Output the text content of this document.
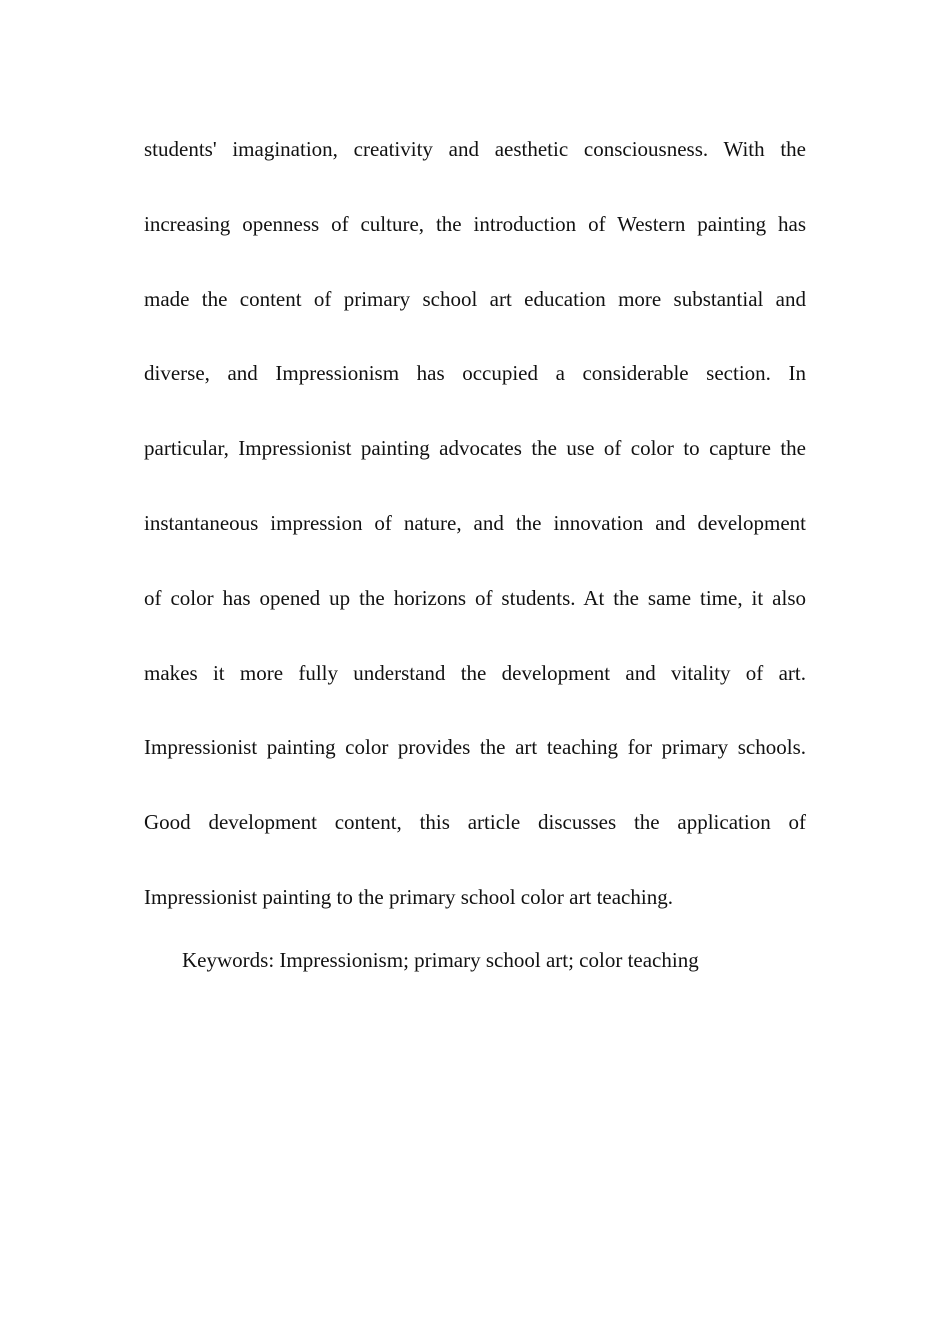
students' imagination, creativity and aesthetic consciousness. With the
increasing openness of culture, the introduction of Western painting has
made the content of primary school art education more substantial and
diverse, and Impressionism has occupied a considerable section. In
particular, Impressionist painting advocates the use of color to capture the
instantaneous impression of nature, and the innovation and development
of color has opened up the horizons of students. At the same time, it also
makes it more fully understand the development and vitality of art.
Impressionist painting color provides the art teaching for primary schools.
Good development content, this article discusses the application of
Impressionist painting to the primary school color art teaching.

Keywords: Impressionism; primary school art; color teaching
